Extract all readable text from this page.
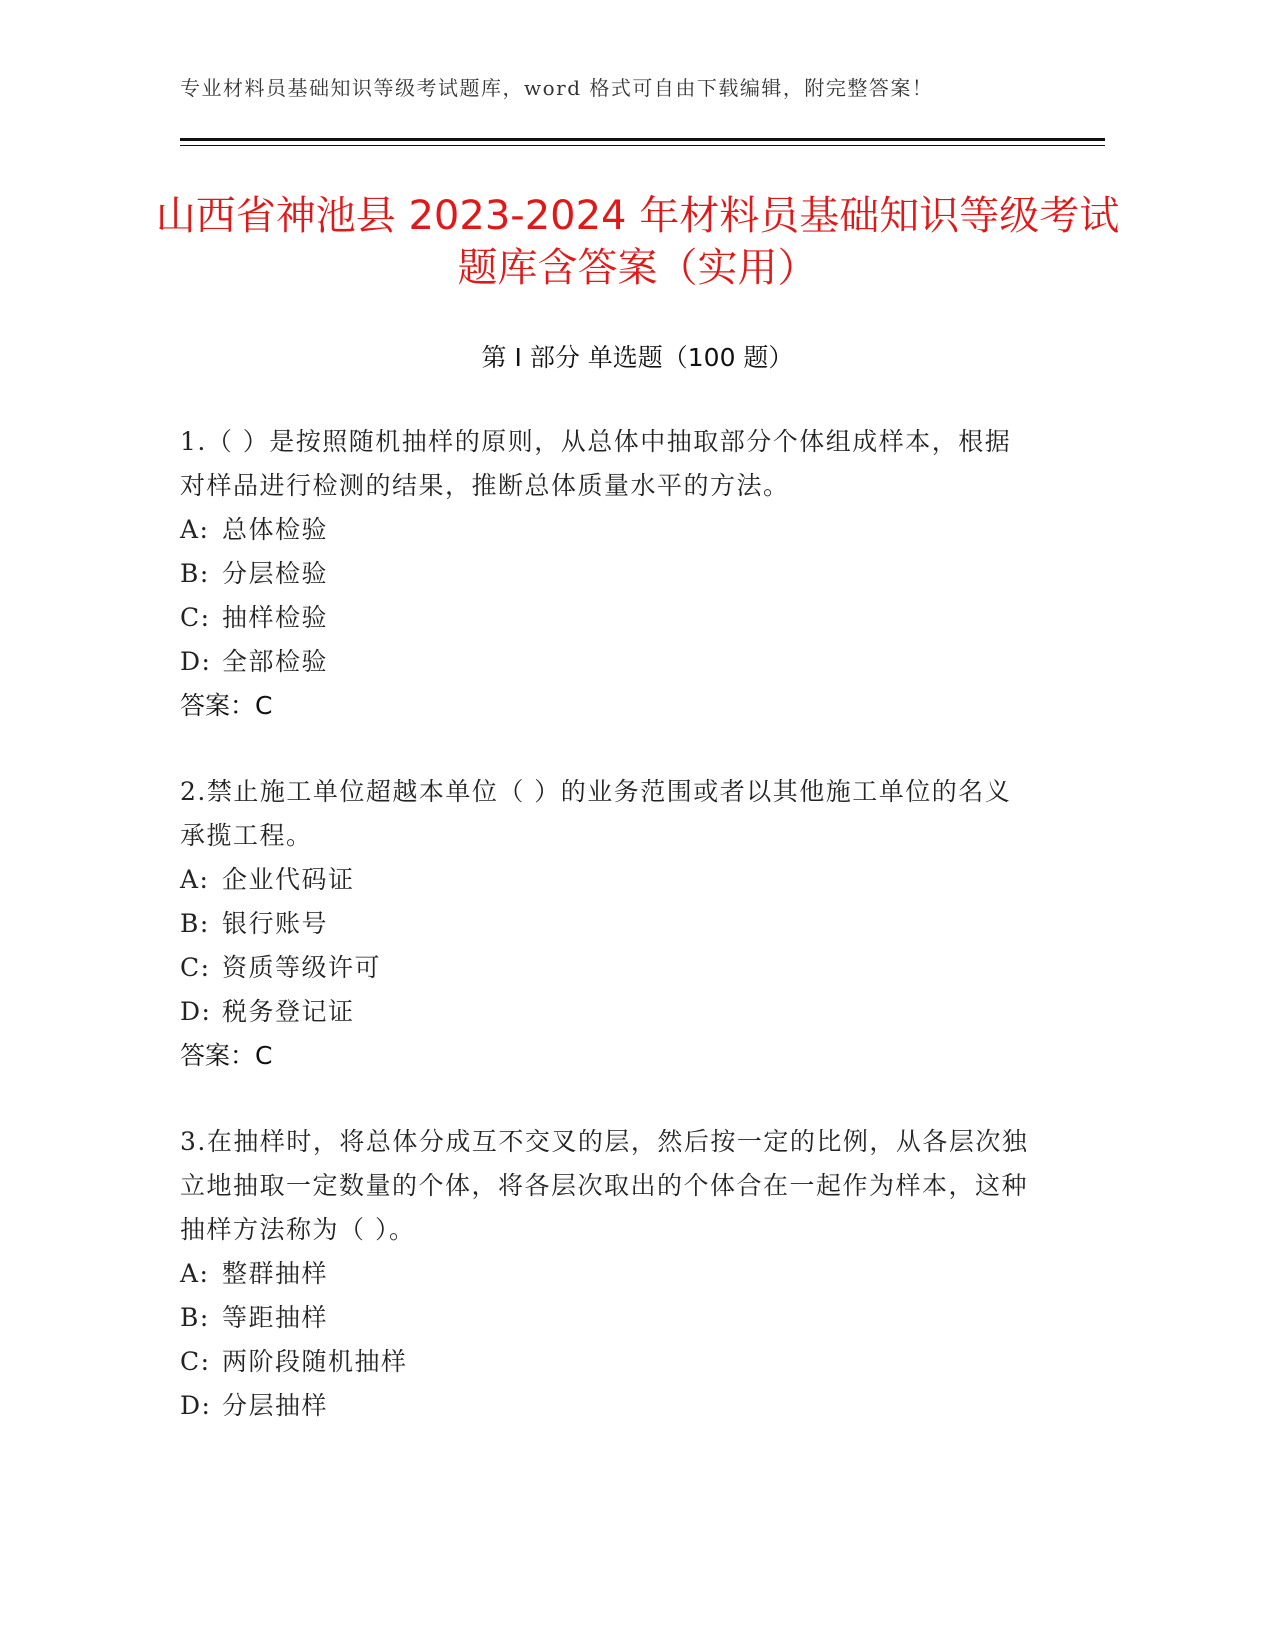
专业材料员基础知识等级考试题库，word 格式可自由下载编辑，附完整答案！
山西省神池县 2023-2024 年材料员基础知识等级考试题库含答案（实用）
第 I 部分 单选题（100 题）

1.（ ）是按照随机抽样的原则，从总体中抽取部分个体组成样本，根据对样品进行检测的结果，推断总体质量水平的方法。

A: 总体检验
B: 分层检验
C: 抽样检验
D: 全部检验
答案：C

2.禁止施工单位超越本单位（ ）的业务范围或者以其他施工单位的名义承揽工程。

A: 企业代码证
B: 银行账号
C: 资质等级许可
D: 税务登记证
答案：C

3.在抽样时，将总体分成互不交叉的层，然后按一定的比例，从各层次独立地抽取一定数量的个体，将各层次取出的个体合在一起作为样本，这种抽样方法称为（ ）。

A: 整群抽样
B: 等距抽样
C: 两阶段随机抽样
D: 分层抽样
